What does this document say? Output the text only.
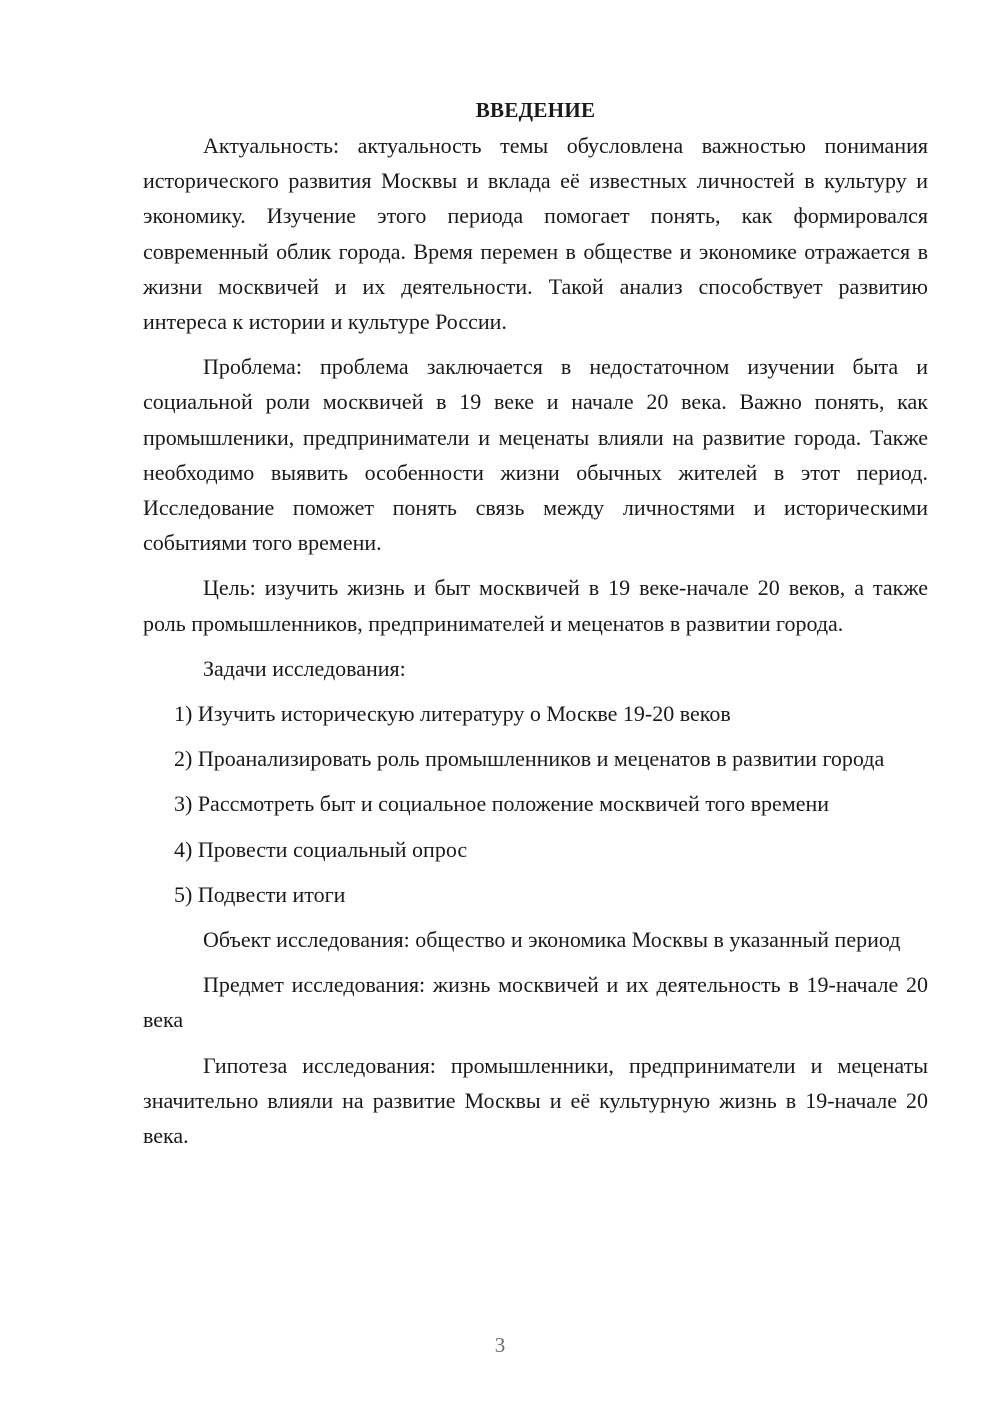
ВВЕДЕНИЕ

Актуальность: актуальность темы обусловлена важностью понимания исторического развития Москвы и вклада её известных личностей в культуру и экономику. Изучение этого периода помогает понять, как формировался современный облик города. Время перемен в обществе и экономике отражается в жизни москвичей и их деятельности. Такой анализ способствует развитию интереса к истории и культуре России.

Проблема: проблема заключается в недостаточном изучении быта и социальной роли москвичей в 19 веке и начале 20 века. Важно понять, как промышленики, предприниматели и меценаты влияли на развитие города. Также необходимо выявить особенности жизни обычных жителей в этот период. Исследование поможет понять связь между личностями и историческими событиями того времени.

Цель: изучить жизнь и быт москвичей в 19 веке-начале 20 веков, а также роль промышленников, предпринимателей и меценатов в развитии города.

Задачи исследования:

1) Изучить историческую литературу о Москве 19-20 веков

2) Проанализировать роль промышленников и меценатов в развитии города

3) Рассмотреть быт и социальное положение москвичей того времени

4) Провести социальный опрос

5) Подвести итоги

Объект исследования: общество и экономика Москвы в указанный период

Предмет исследования: жизнь москвичей и их деятельность в 19-начале 20 века

Гипотеза исследования: промышленники, предприниматели и меценаты значительно влияли на развитие Москвы и её культурную жизнь в 19-начале 20 века.

3
